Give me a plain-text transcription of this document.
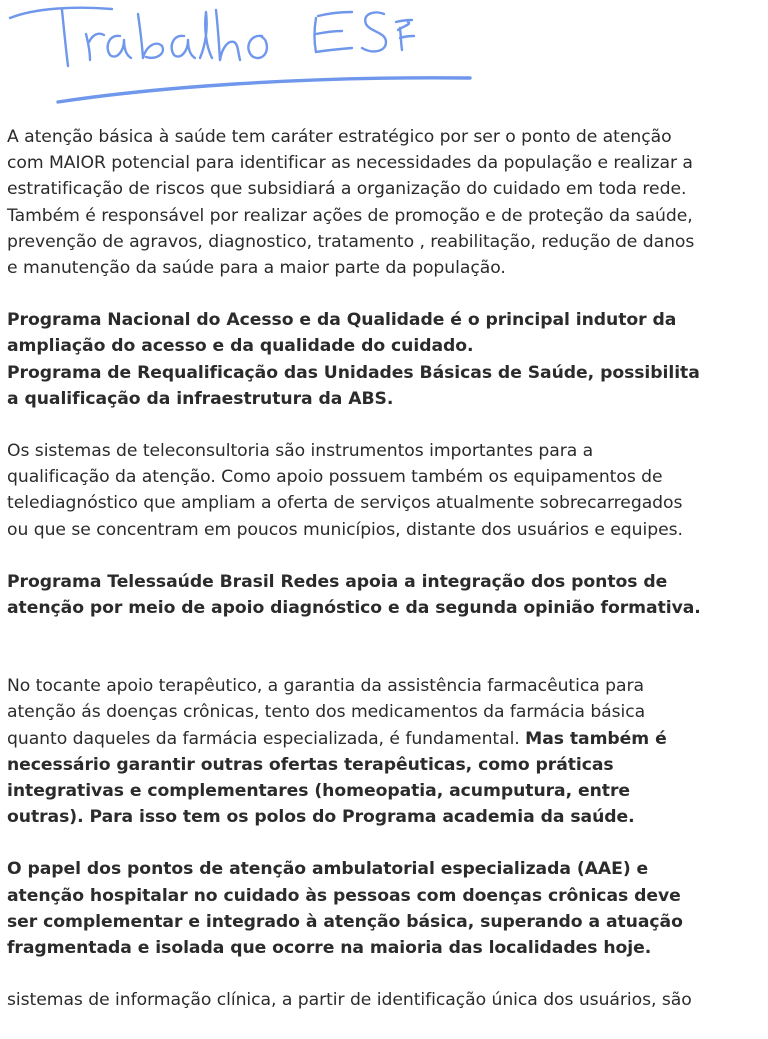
A atenção básica à saúde tem caráter estratégico por ser o ponto de atenção
com MAIOR potencial para identificar as necessidades da população e realizar a
estratificação de riscos que subsidiará a organização do cuidado em toda rede.
Também é responsável por realizar ações de promoção e de proteção da saúde,
prevenção de agravos, diagnostico, tratamento , reabilitação, redução de danos
e manutenção da saúde para a maior parte da população.
Programa Nacional do Acesso e da Qualidade é o principal indutor da
ampliação do acesso e da qualidade do cuidado.
Programa de Requalificação das Unidades Básicas de Saúde, possibilita
a qualificação da infraestrutura da ABS.
Os sistemas de teleconsultoria são instrumentos importantes para a
qualificação da atenção. Como apoio possuem também os equipamentos de
telediagnóstico que ampliam a oferta de serviços atualmente sobrecarregados
ou que se concentram em poucos municípios, distante dos usuários e equipes.
Programa Telessaúde Brasil Redes apoia a integração dos pontos de
atenção por meio de apoio diagnóstico e da segunda opinião formativa.
No tocante apoio terapêutico, a garantia da assistência farmacêutica para
atenção ás doenças crônicas, tento dos medicamentos da farmácia básica
quanto daqueles da farmácia especializada, é fundamental. Mas também é
necessário garantir outras ofertas terapêuticas, como práticas
integrativas e complementares (homeopatia, acumputura, entre
outras). Para isso tem os polos do Programa academia da saúde.
O papel dos pontos de atenção ambulatorial especializada (AAE) e
atenção hospitalar no cuidado às pessoas com doenças crônicas deve
ser complementar e integrado à atenção básica, superando a atuação
fragmentada e isolada que ocorre na maioria das localidades hoje.
sistemas de informação clínica, a partir de identificação única dos usuários, são
